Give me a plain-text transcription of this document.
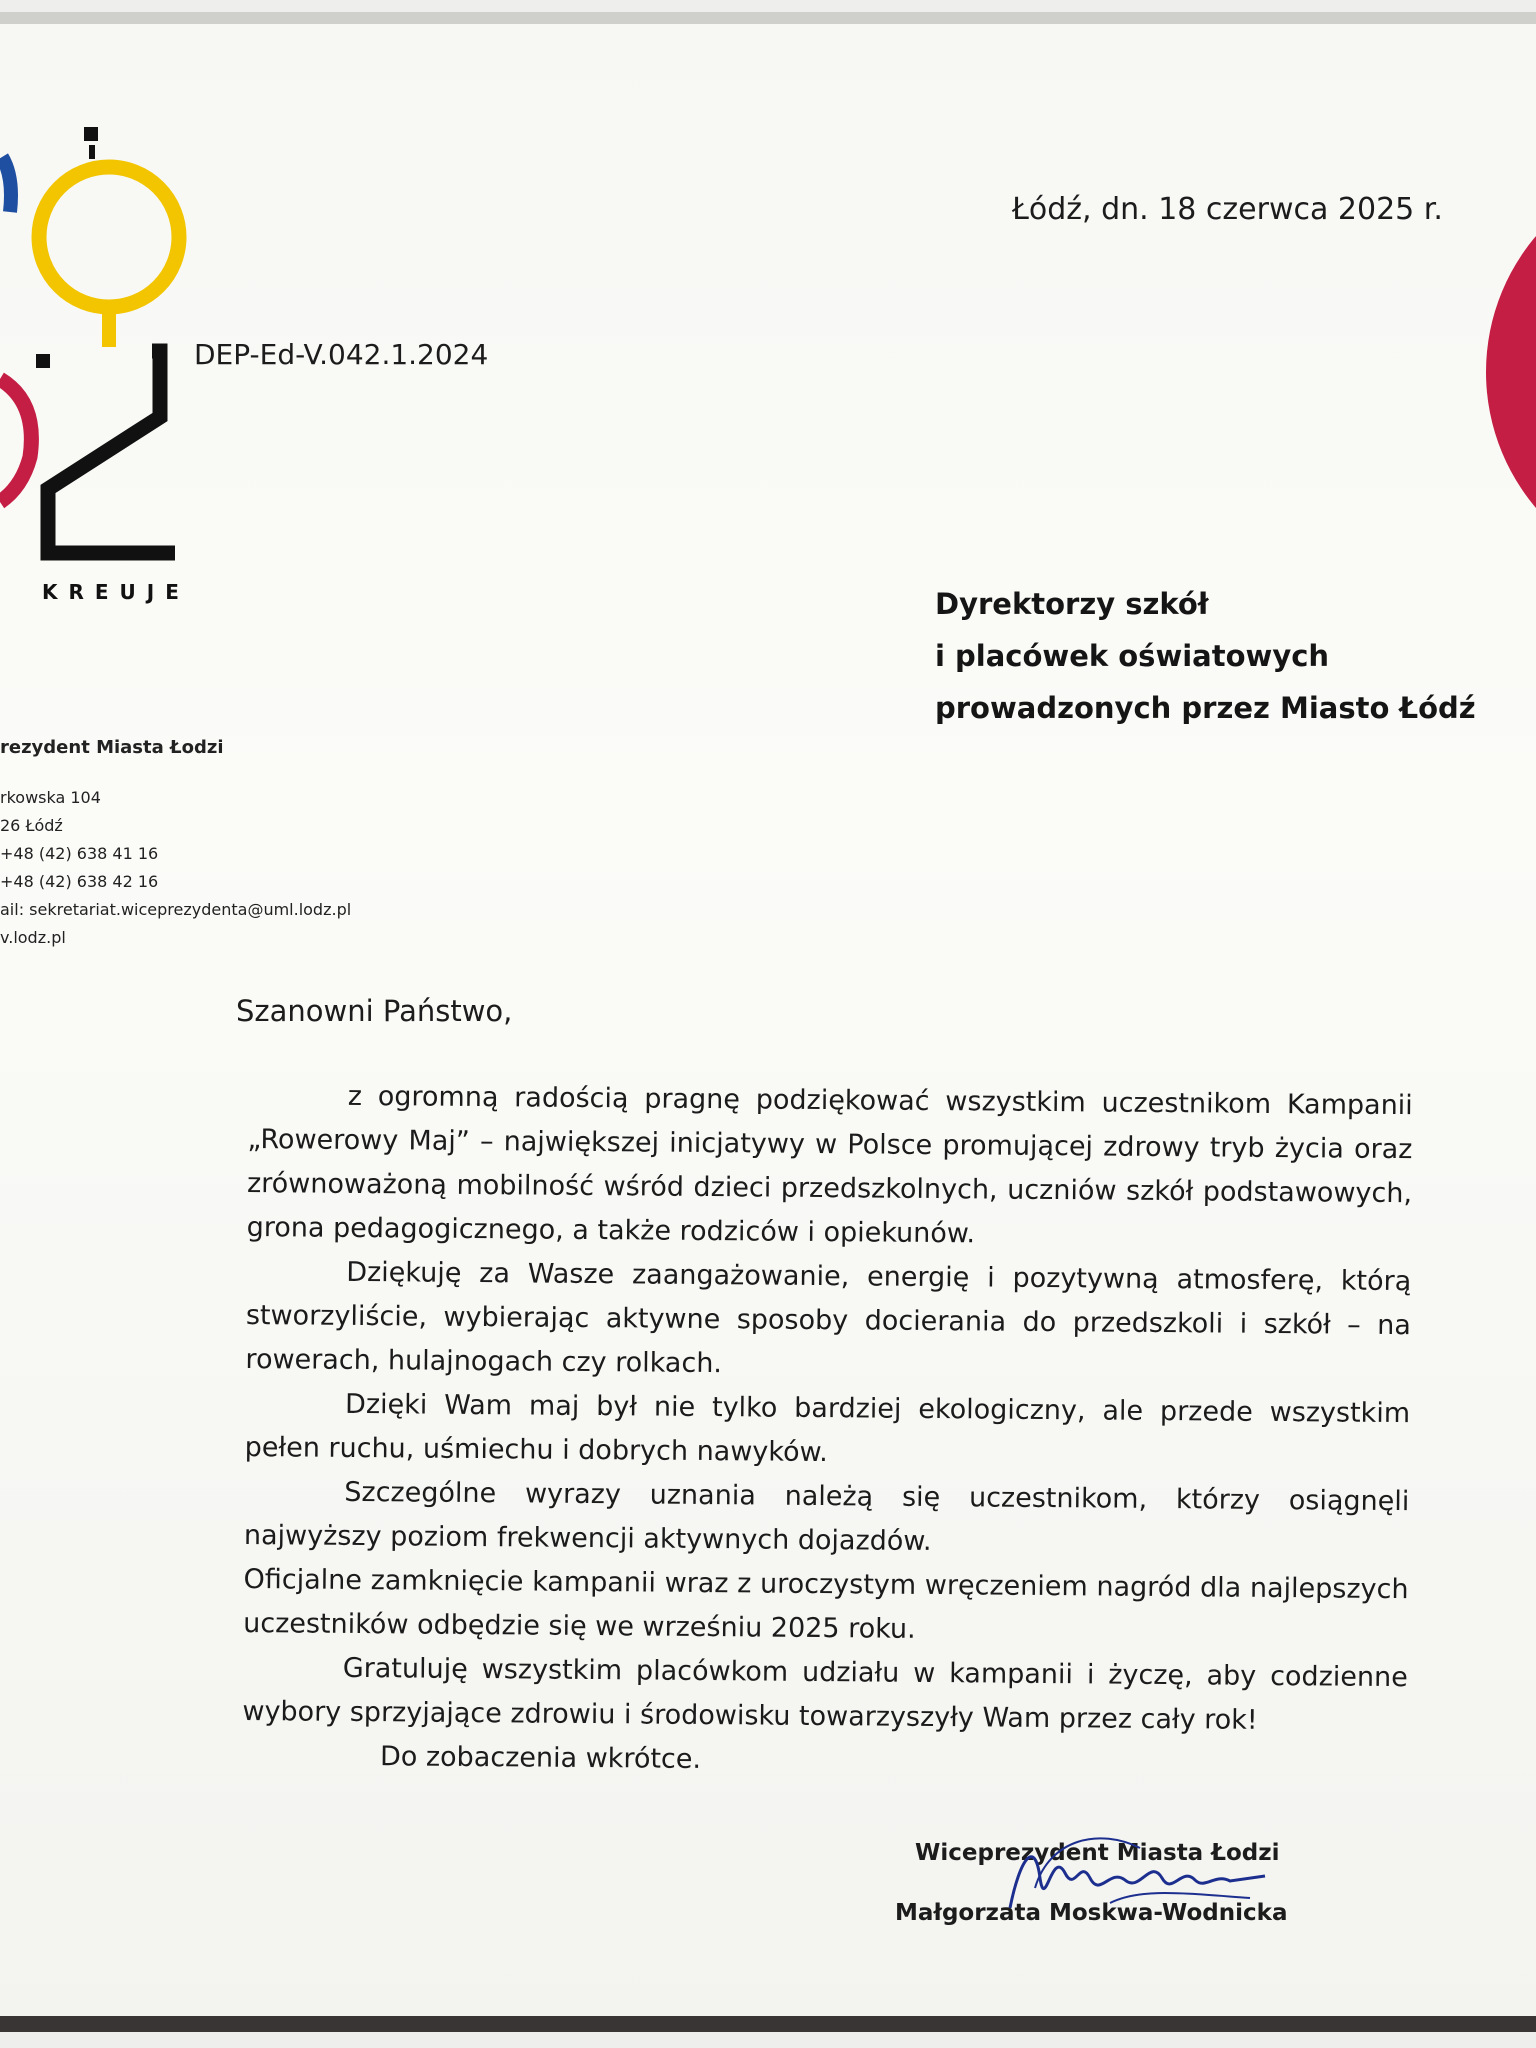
KREUJE
rezydent Miasta Łodzi
rkowska 104
26 Łódź
+48 (42) 638 41 16
+48 (42) 638 42 16
ail: sekretariat.wiceprezydenta@uml.lodz.pl
v.lodz.pl
DEP-Ed-V.042.1.2024
Łódź, dn. 18 czerwca 2025 r.
Dyrektorzy szkół
i placówek oświatowych
prowadzonych przez Miasto Łódź
Szanowni Państwo,

z ogromną radością pragnę podziękować wszystkim uczestnikom Kampanii „Rowerowy Maj” – największej inicjatywy w Polsce promującej zdrowy tryb życia oraz zrównoważoną mobilność wśród dzieci przedszkolnych, uczniów szkół podstawowych, grona pedagogicznego, a także rodziców i opiekunów.

Dziękuję za Wasze zaangażowanie, energię i pozytywną atmosferę, którą stworzyliście, wybierając aktywne sposoby docierania do przedszkoli i szkół – na rowerach, hulajnogach czy rolkach.

Dzięki Wam maj był nie tylko bardziej ekologiczny, ale przede wszystkim pełen ruchu, uśmiechu i dobrych nawyków.

Szczególne wyrazy uznania należą się uczestnikom, którzy osiągnęli najwyższy poziom frekwencji aktywnych dojazdów.

Oficjalne zamknięcie kampanii wraz z uroczystym wręczeniem nagród dla najlepszych uczestników odbędzie się we wrześniu 2025 roku.

Gratuluję wszystkim placówkom udziału w kampanii i życzę, aby codzienne wybory sprzyjające zdrowiu i środowisku towarzyszyły Wam przez cały rok!

Do zobaczenia wkrótce.

Wiceprezydent Miasta Łodzi
Małgorzata Moskwa-Wodnicka
